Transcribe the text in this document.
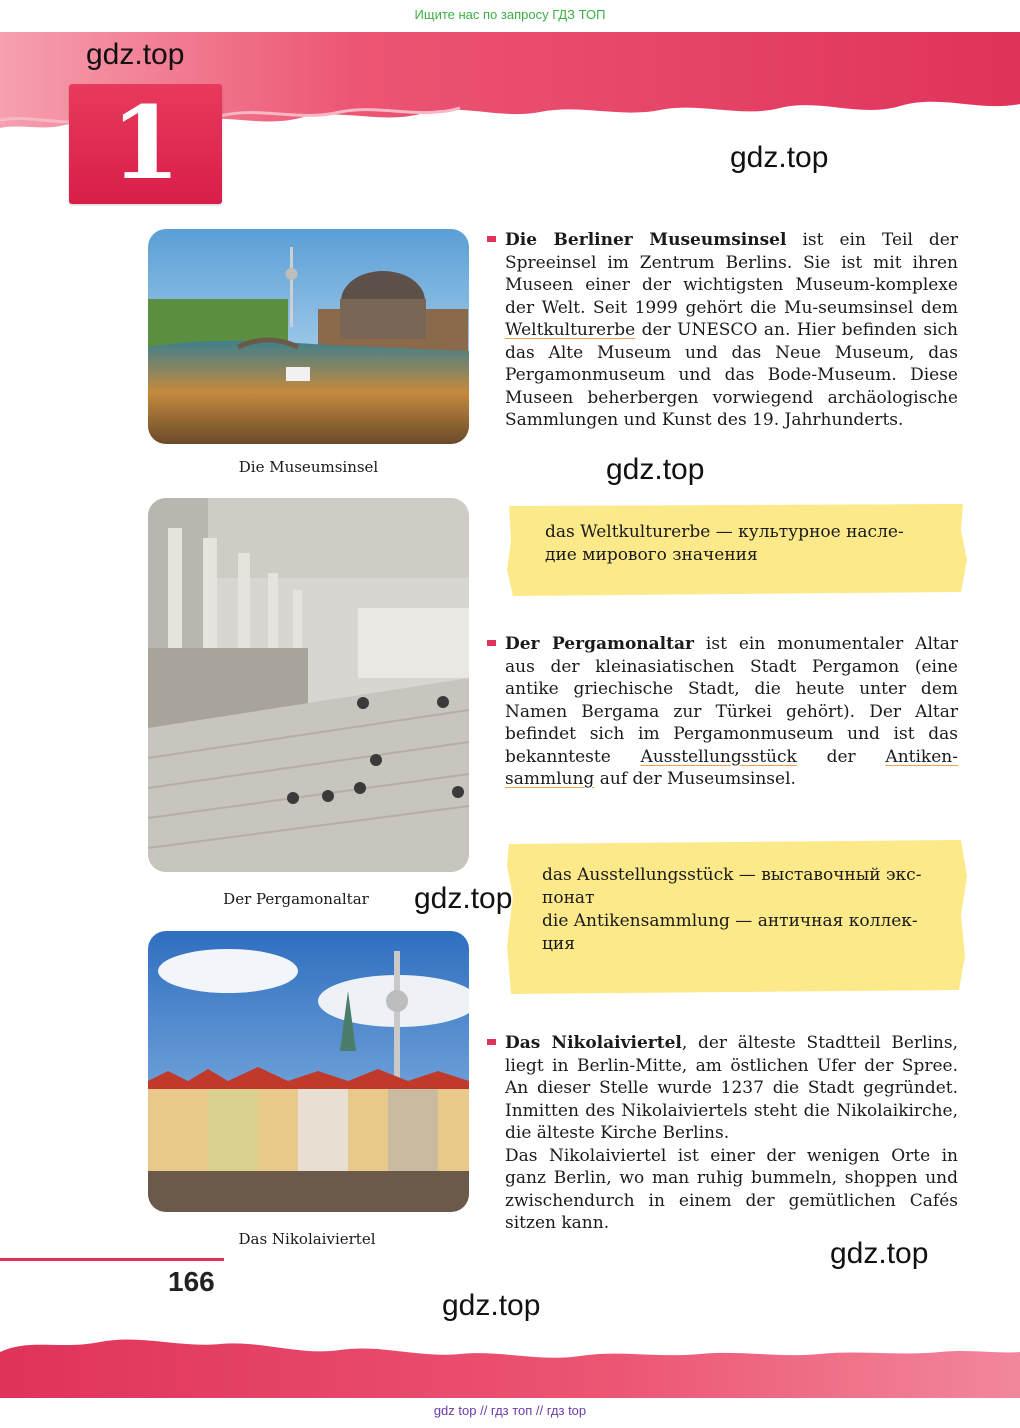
Ищите нас по запросу ГДЗ ТОП
1
gdz.top
gdz.top
gdz.top
gdz.top
gdz.top
gdz.top
Die Museumsinsel
Der Pergamonaltar
Das Nikolaiviertel
Die Berliner Museumsinsel ist ein Teil der Spreeinsel im Zentrum Berlins. Sie ist mit ihren Museen einer der wichtigsten Museum-komplexe der Welt. Seit 1999 gehört die Mu-seumsinsel dem Weltkulturerbe der UNESCO an. Hier befinden sich das Alte Museum und das Neue Museum, das Pergamonmuseum und das Bode-Museum. Diese Museen beherbergen vorwiegend archäologische Sammlungen und Kunst des 19. Jahrhunderts.
das Weltkulturerbe — культурное насле-
дие мирового значения
Der Pergamonaltar ist ein monumentaler Altar aus der kleinasiatischen Stadt Pergamon (eine antike griechische Stadt, die heute unter dem Namen Bergama zur Türkei gehört). Der Altar befindet sich im Pergamonmuseum und ist das bekannteste Ausstellungsstück der Antiken-sammlung auf der Museumsinsel.
das Ausstellungsstück — выставочный экс-
понат
die Antikensammlung — античная коллек-
ция
Das Nikolaiviertel, der älteste Stadtteil Berlins, liegt in Berlin-Mitte, am östlichen Ufer der Spree. An dieser Stelle wurde 1237 die Stadt gegründet. Inmitten des Nikolaiviertels steht die Nikolaikirche, die älteste Kirche Berlins.
Das Nikolaiviertel ist einer der wenigen Orte in ganz Berlin, wo man ruhig bummeln, shoppen und zwischendurch in einem der gemütlichen Cafés sitzen kann.
166
gdz top // гдз топ // гдз top
